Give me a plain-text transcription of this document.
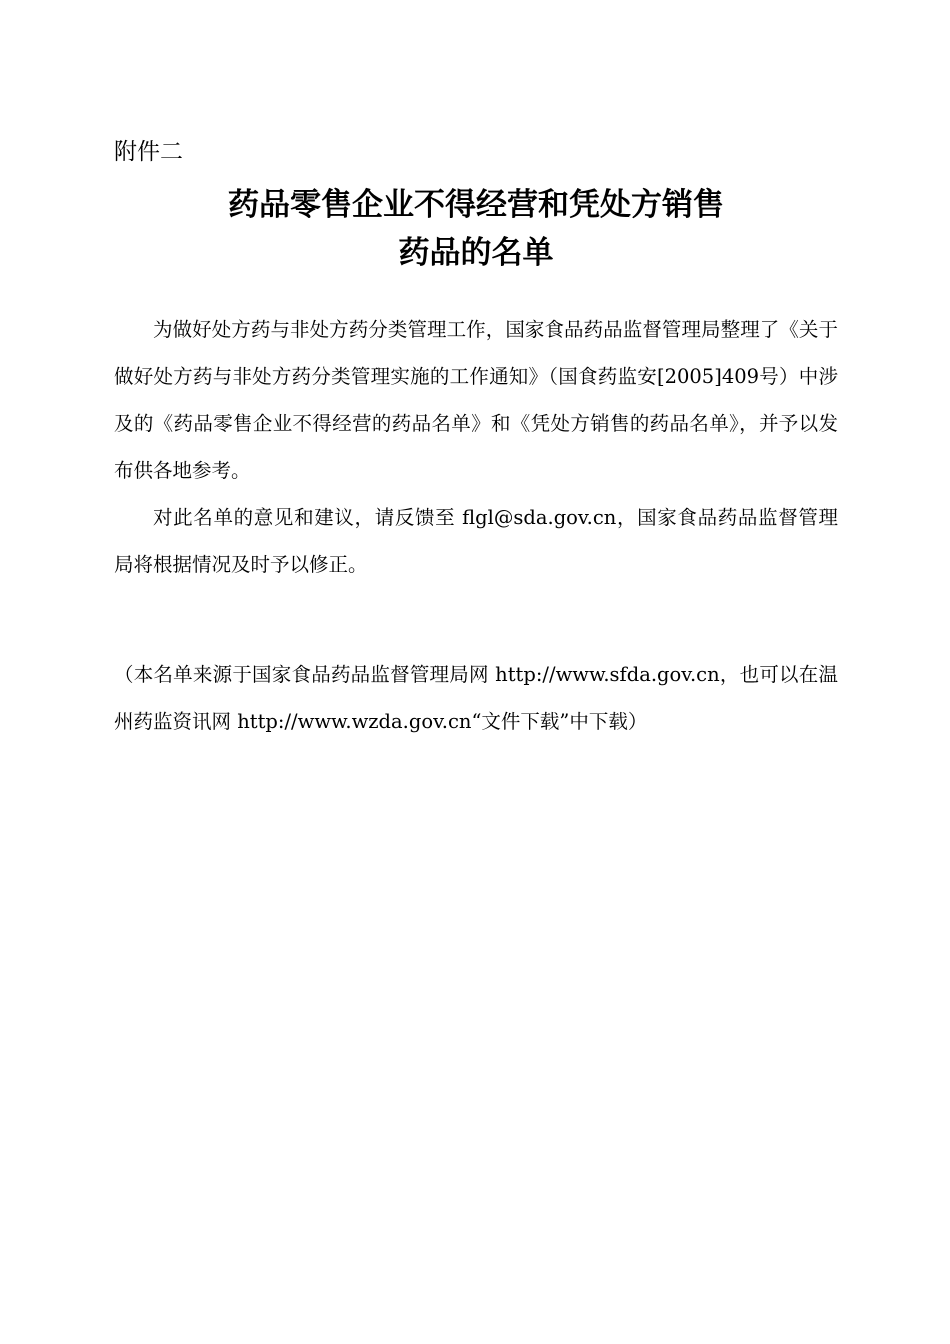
附件二
药品零售企业不得经营和凭处方销售
药品的名单

为做好处方药与非处方药分类管理工作，国家食品药品监督管理局整理了《关于做好处方药与非处方药分类管理实施的工作通知》（国食药监安[2005]409号）中涉及的《药品零售企业不得经营的药品名单》和《凭处方销售的药品名单》，并予以发布供各地参考。

对此名单的意见和建议，请反馈至 flgl@sda.gov.cn，国家食品药品监督管理局将根据情况及时予以修正。

（本名单来源于国家食品药品监督管理局网 http://www.sfda.gov.cn，也可以在温州药监资讯网 http://www.wzda.gov.cn“文件下载”中下载）
